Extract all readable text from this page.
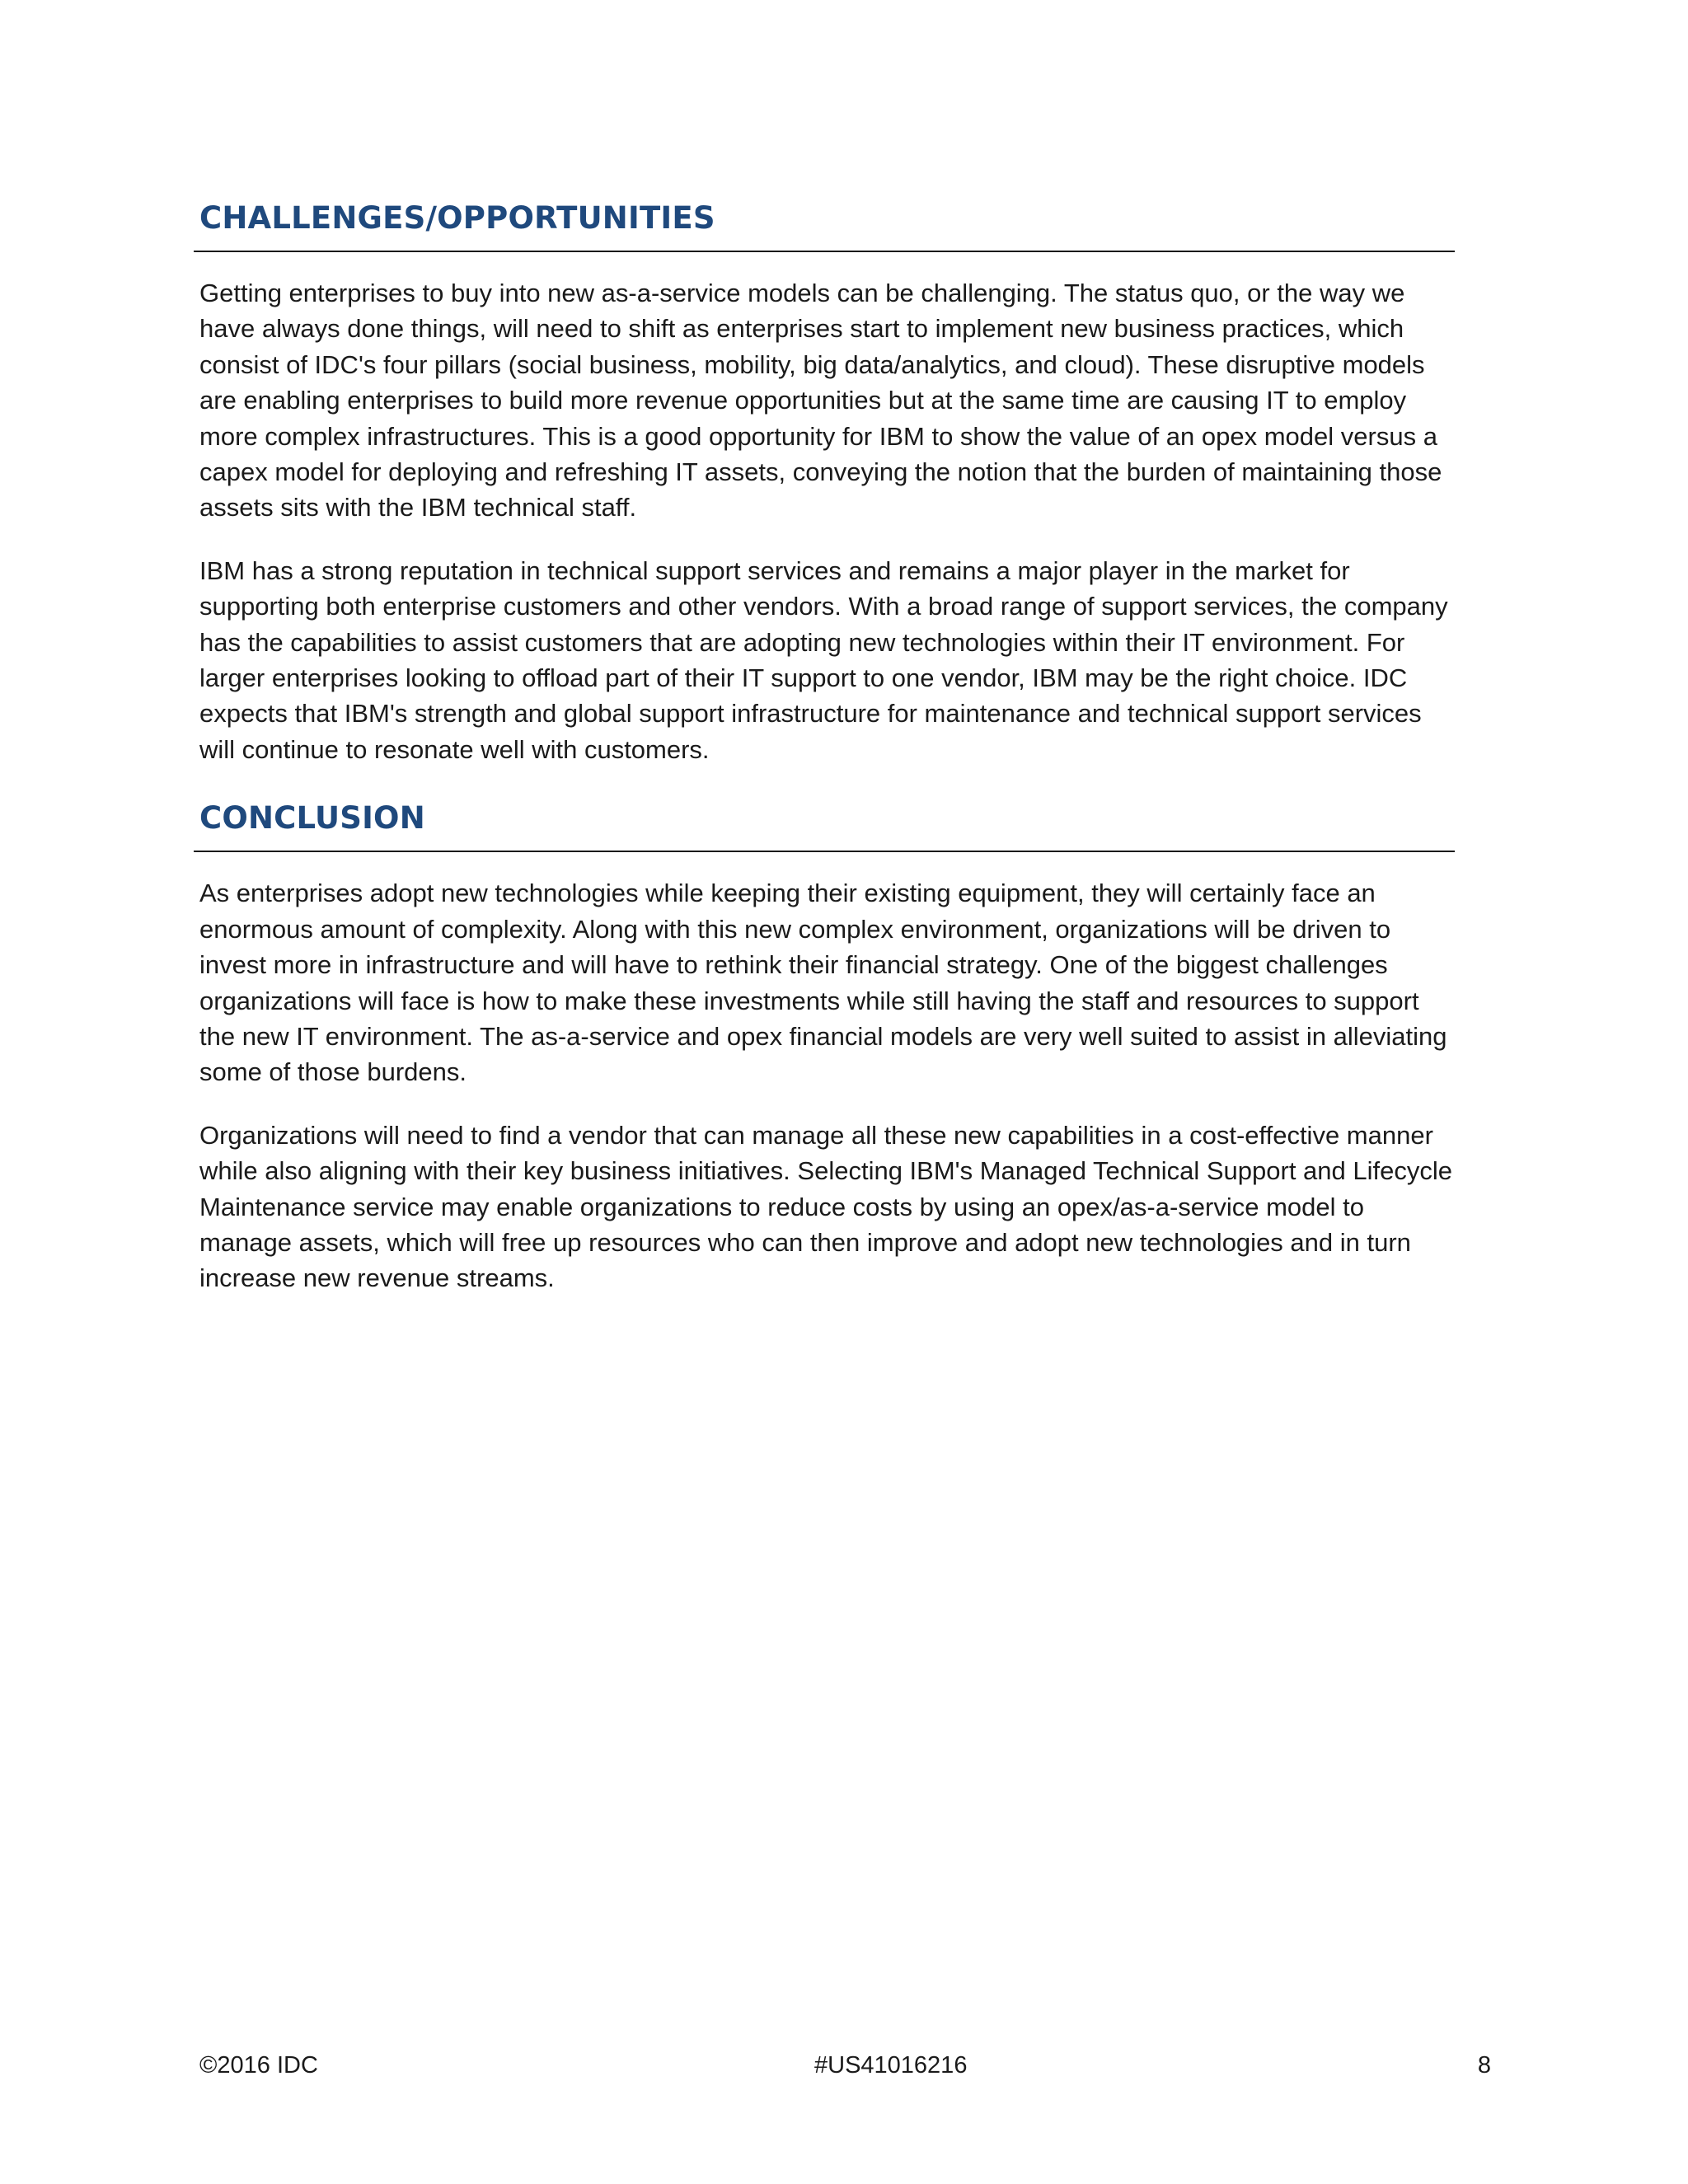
CHALLENGES/OPPORTUNITIES

Getting enterprises to buy into new as-a-service models can be challenging. The status quo, or the way we have always done things, will need to shift as enterprises start to implement new business practices, which consist of IDC's four pillars (social business, mobility, big data/analytics, and cloud). These disruptive models are enabling enterprises to build more revenue opportunities but at the same time are causing IT to employ more complex infrastructures. This is a good opportunity for IBM to show the value of an opex model versus a capex model for deploying and refreshing IT assets, conveying the notion that the burden of maintaining those assets sits with the IBM technical staff.

IBM has a strong reputation in technical support services and remains a major player in the market for supporting both enterprise customers and other vendors. With a broad range of support services, the company has the capabilities to assist customers that are adopting new technologies within their IT environment. For larger enterprises looking to offload part of their IT support to one vendor, IBM may be the right choice. IDC expects that IBM's strength and global support infrastructure for maintenance and technical support services will continue to resonate well with customers.

CONCLUSION

As enterprises adopt new technologies while keeping their existing equipment, they will certainly face an enormous amount of complexity. Along with this new complex environment, organizations will be driven to invest more in infrastructure and will have to rethink their financial strategy. One of the biggest challenges organizations will face is how to make these investments while still having the staff and resources to support the new IT environment. The as-a-service and opex financial models are very well suited to assist in alleviating some of those burdens.

Organizations will need to find a vendor that can manage all these new capabilities in a cost-effective manner while also aligning with their key business initiatives. Selecting IBM's Managed Technical Support and Lifecycle Maintenance service may enable organizations to reduce costs by using an opex/as-a-service model to manage assets, which will free up resources who can then improve and adopt new technologies and in turn increase new revenue streams.

©2016 IDC	#US41016216	8
